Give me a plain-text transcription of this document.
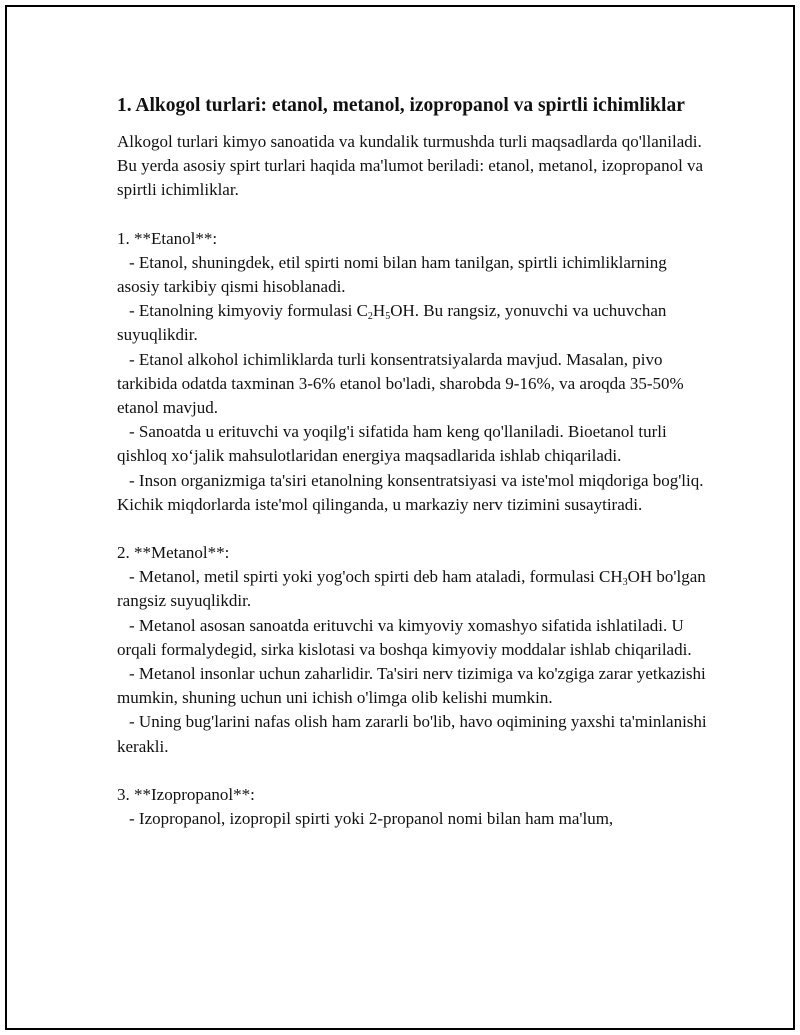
1. Alkogol turlari: etanol, metanol, izopropanol va spirtli ichimliklar

Alkogol turlari kimyo sanoatida va kundalik turmushda turli maqsadlarda qo'llaniladi. Bu yerda asosiy spirt turlari haqida ma'lumot beriladi: etanol, metanol, izopropanol va spirtli ichimliklar.

1. **Etanol**:

- Etanol, shuningdek, etil spirti nomi bilan ham tanilgan, spirtli ichimliklarning asosiy tarkibiy qismi hisoblanadi.

- Etanolning kimyoviy formulasi $C_2H_5OH$. Bu rangsiz, yonuvchi va uchuvchan suyuqlikdir.

- Etanol alkohol ichimliklarda turli konsentratsiyalarda mavjud. Masalan, pivo tarkibida odatda taxminan 3-6% etanol bo'ladi, sharobda 9-16%, va aroqda 35-50% etanol mavjud.

- Sanoatda u erituvchi va yoqilg'i sifatida ham keng qo'llaniladi. Bioetanol turli qishloq xo‘jalik mahsulotlaridan energiya maqsadlarida ishlab chiqariladi.

- Inson organizmiga ta'siri etanolning konsentratsiyasi va iste'mol miqdoriga bog'liq. Kichik miqdorlarda iste'mol qilinganda, u markaziy nerv tizimini susaytiradi.

2. **Metanol**:

- Metanol, metil spirti yoki yog'och spirti deb ham ataladi, formulasi $CH_3OH$ bo'lgan rangsiz suyuqlikdir.

- Metanol asosan sanoatda erituvchi va kimyoviy xomashyo sifatida ishlatiladi. U orqali formalydegid, sirka kislotasi va boshqa kimyoviy moddalar ishlab chiqariladi.

- Metanol insonlar uchun zaharlidir. Ta'siri nerv tizimiga va ko'zgiga zarar yetkazishi mumkin, shuning uchun uni ichish o'limga olib kelishi mumkin.

- Uning bug'larini nafas olish ham zararli bo'lib, havo oqimining yaxshi ta'minlanishi kerakli.

3. **Izopropanol**:

- Izopropanol, izopropil spirti yoki 2-propanol nomi bilan ham ma'lum,
